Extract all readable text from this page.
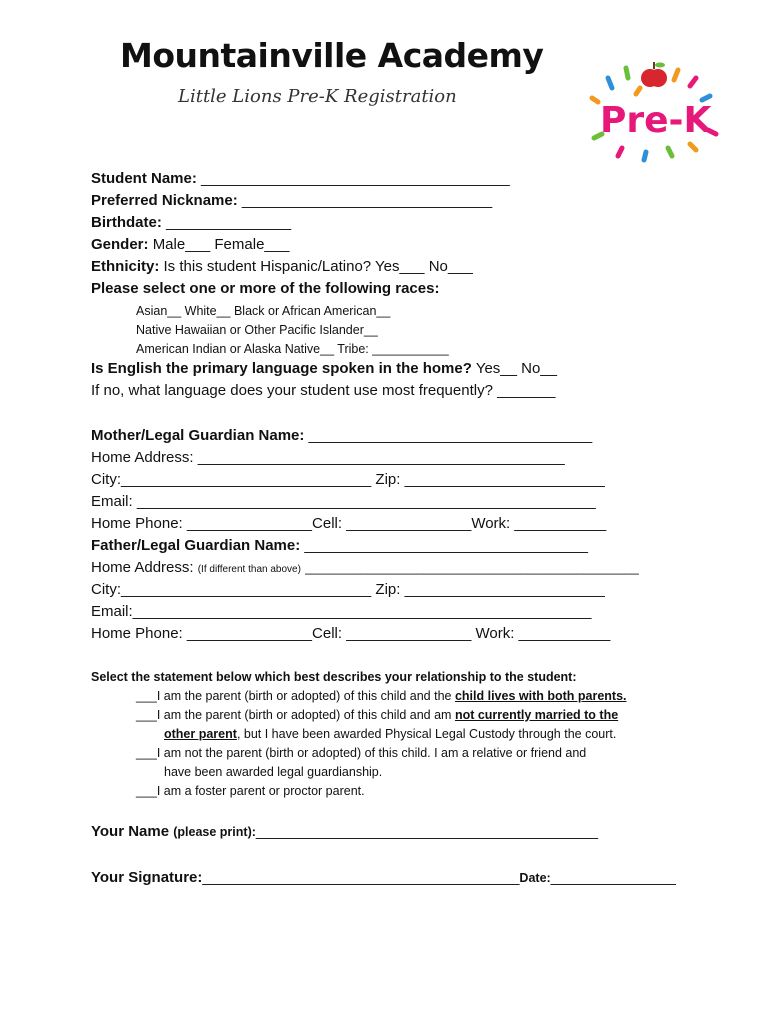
Mountainville Academy
Little Lions Pre-K Registration
Pre-K
Student Name: _____________________________________
Preferred Nickname: ______________________________
Birthdate: _______________
Gender: Male___ Female___
Ethnicity: Is this student Hispanic/Latino? Yes___ No___
Please select one or more of the following races:
Asian__ White__ Black or African American__
Native Hawaiian or Other Pacific Islander__
American Indian or Alaska Native__ Tribe: ___________
Is English the primary language spoken in the home? Yes__ No__
If no, what language does your student use most frequently? _______
Mother/Legal Guardian Name: __________________________________
Home Address: ____________________________________________
City:______________________________ Zip: ________________________
Email: _______________________________________________________
Home Phone: _______________Cell: _______________Work: ___________
Father/Legal Guardian Name: __________________________________
Home Address: (If different than above) ________________________________________________
City:______________________________ Zip: ________________________
Email:_______________________________________________________
Home Phone: _______________Cell: _______________ Work: ___________
Select the statement below which best describes your relationship to the student:
___I am the parent (birth or adopted) of this child and the child lives with both parents.
___I am the parent (birth or adopted) of this child and am not currently married to the
other parent, but I have been awarded Physical Legal Custody through the court.
___I am not the parent (birth or adopted) of this child. I am a relative or friend and
have been awarded legal guardianship.
___I am a foster parent or proctor parent.
Your Name (please print):_________________________________________
Your Signature:______________________________________Date:_______________
